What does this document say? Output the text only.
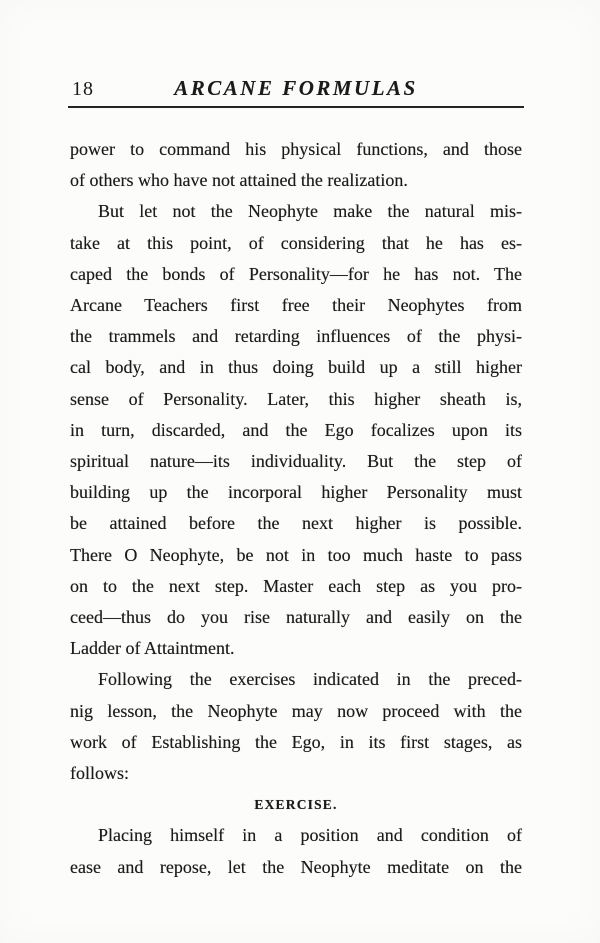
18	ARCANE FORMULAS
power to command his physical functions, and those
of others who have not attained the realization.
But let not the Neophyte make the natural mis-
take at this point, of considering that he has es-
caped the bonds of Personality—for he has not. The
Arcane Teachers first free their Neophytes from
the trammels and retarding influences of the physi-
cal body, and in thus doing build up a still higher
sense of Personality. Later, this higher sheath is,
in turn, discarded, and the Ego focalizes upon its
spiritual nature—its individuality. But the step of
building up the incorporal higher Personality must
be attained before the next higher is possible.
There O Neophyte, be not in too much haste to pass
on to the next step. Master each step as you pro-
ceed—thus do you rise naturally and easily on the
Ladder of Attaintment.
Following the exercises indicated in the preced-
nig lesson, the Neophyte may now proceed with the
work of Establishing the Ego, in its first stages, as
follows:
EXERCISE.
Placing himself in a position and condition of
ease and repose, let the Neophyte meditate on the
